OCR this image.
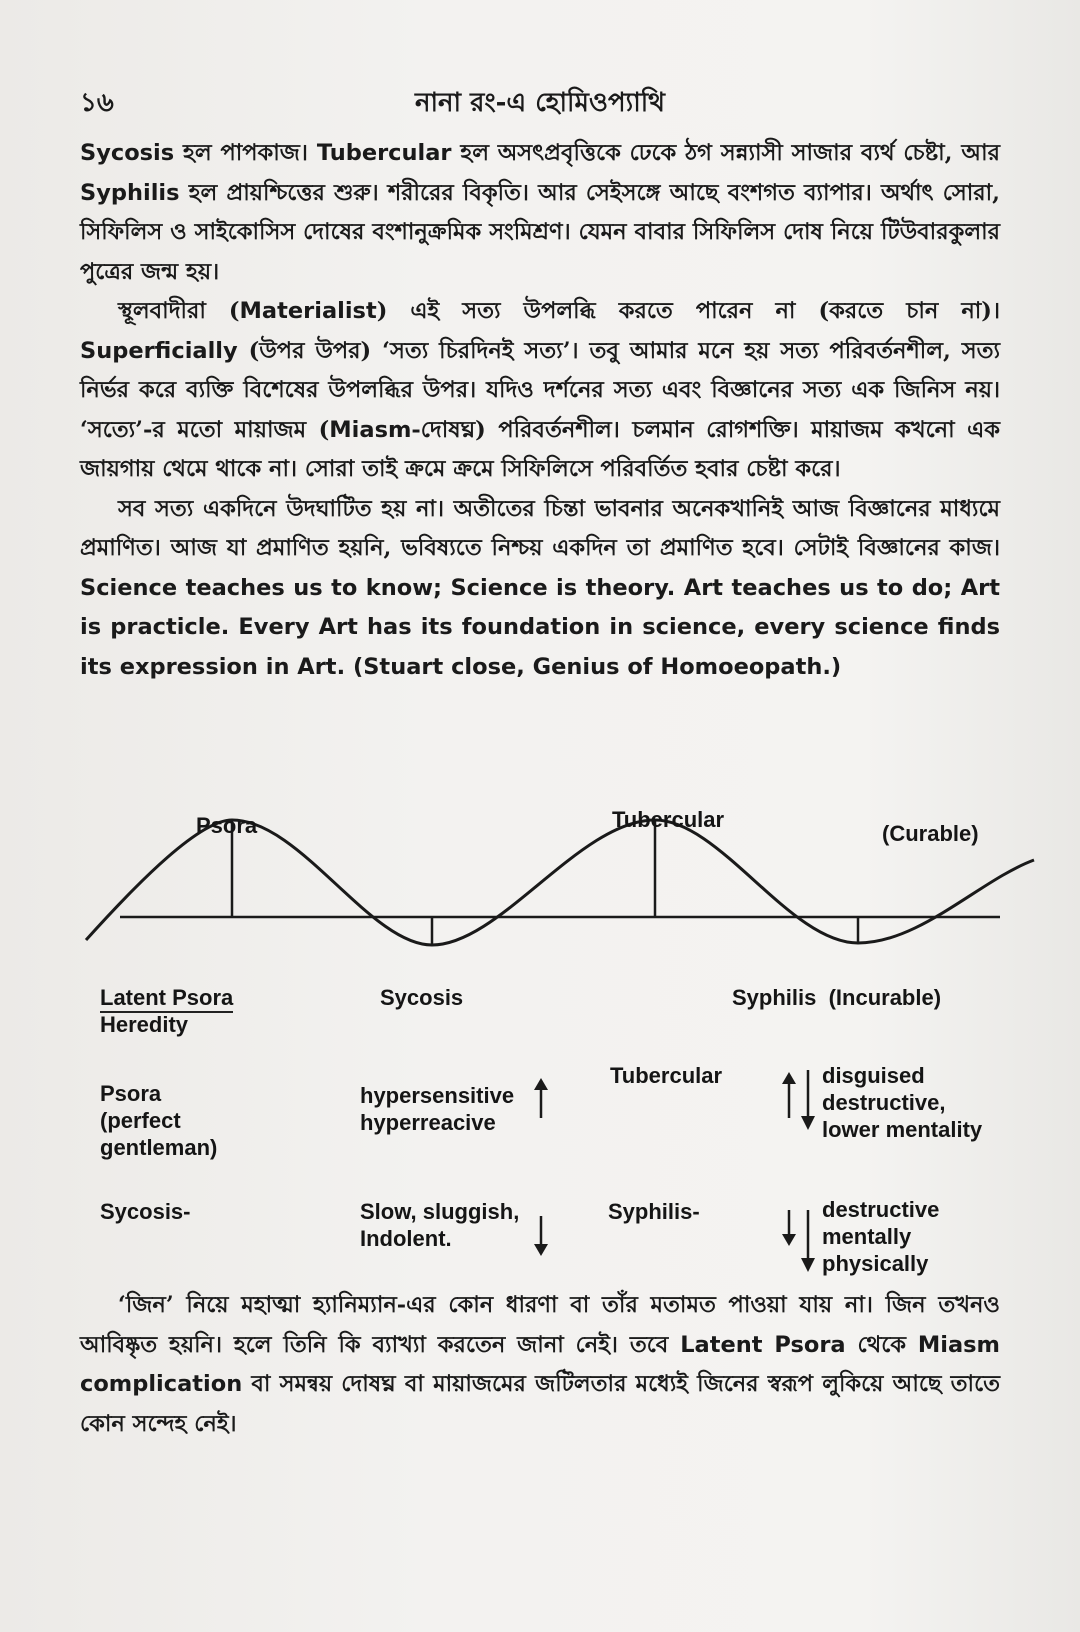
১৬	নানা রং-এ হোমিওপ্যাথি

Sycosis হল পাপকাজ। Tubercular হল অসৎপ্রবৃত্তিকে ঢেকে ঠগ সন্ন্যাসী সাজার ব্যর্থ চেষ্টা, আর Syphilis হল প্রায়শ্চিত্তের শুরু। শরীরের বিকৃতি। আর সেইসঙ্গে আছে বংশগত ব্যাপার। অর্থাৎ সোরা, সিফিলিস ও সাইকোসিস দোষের বংশানুক্রমিক সংমিশ্রণ। যেমন বাবার সিফিলিস দোষ নিয়ে টিউবারকুলার পুত্রের জন্ম হয়।

স্থূলবাদীরা (Materialist) এই সত্য উপলব্ধি করতে পারেন না (করতে চান না)। Superficially (উপর উপর) ‘সত্য চিরদিনই সত্য’। তবু আমার মনে হয় সত্য পরিবর্তনশীল, সত্য নির্ভর করে ব্যক্তি বিশেষের উপলব্ধির উপর। যদিও দর্শনের সত্য এবং বিজ্ঞানের সত্য এক জিনিস নয়। ‘সত্যে’-র মতো মায়াজম (Miasm-দোষঘ্ন) পরিবর্তনশীল। চলমান রোগশক্তি। মায়াজম কখনো এক জায়গায় থেমে থাকে না। সোরা তাই ক্রমে ক্রমে সিফিলিসে পরিবর্তিত হবার চেষ্টা করে।

সব সত্য একদিনে উদঘাটিত হয় না। অতীতের চিন্তা ভাবনার অনেকখানিই আজ বিজ্ঞানের মাধ্যমে প্রমাণিত। আজ যা প্রমাণিত হয়নি, ভবিষ্যতে নিশ্চয় একদিন তা প্রমাণিত হবে। সেটাই বিজ্ঞানের কাজ। Science teaches us to know; Science is theory. Art teaches us to do; Art is practicle. Every Art has its foundation in science, every science finds its expression in Art. (Stuart close, Genius of Homoeopath.)

Psora	Tubercular
(Curable)
Latent Psora
Heredity
Sycosis	Syphilis  (Incurable)
Psora
(perfect
gentleman)
hypersensitive
hyperreacive
Tubercular	disguised
destructive,
lower mentality
Sycosis-	Slow, sluggish,
Indolent.
Syphilis-	destructive
mentally
physically

‘জিন’ নিয়ে মহাত্মা হ্যানিম্যান-এর কোন ধারণা বা তাঁর মতামত পাওয়া যায় না। জিন তখনও আবিষ্কৃত হয়নি। হলে তিনি কি ব্যাখ্যা করতেন জানা নেই। তবে Latent Psora থেকে Miasm complication বা সমন্বয় দোষঘ্ন বা মায়াজমের জটিলতার মধ্যেই জিনের স্বরূপ লুকিয়ে আছে তাতে কোন সন্দেহ নেই।
